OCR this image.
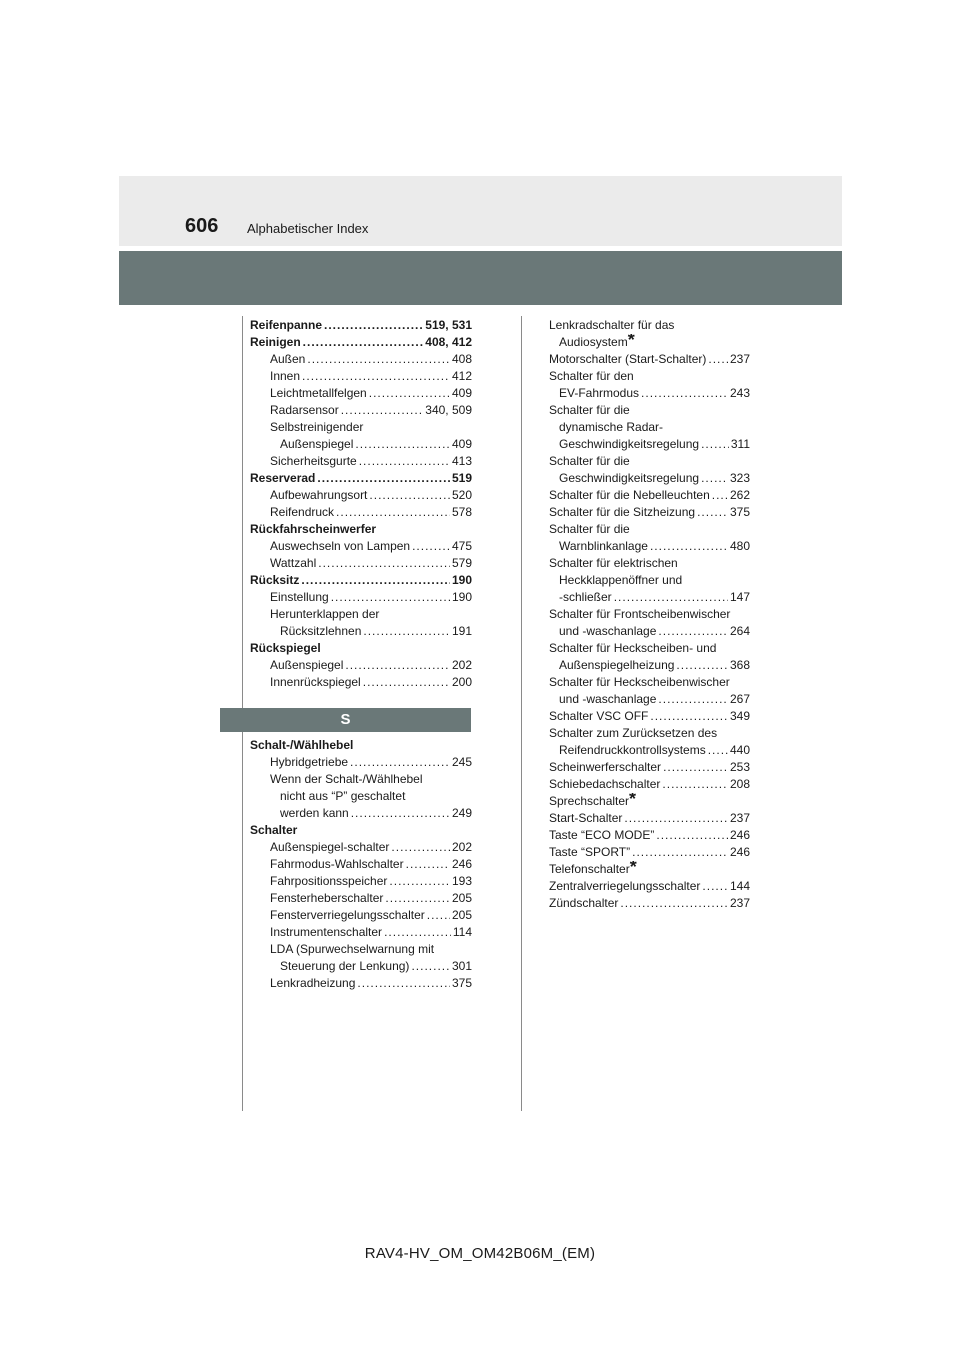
606 Alphabetischer Index
Reifenpanne .....	519, 531
Reinigen .....	408, 412
Außen .....	408
Innen .....	412
Leichtmetallfelgen .....	409
Radarsensor .....	340, 509
Selbstreinigender
Außenspiegel .....	409
Sicherheitsgurte .....	413
Reserverad .....	519
Aufbewahrungsort .....	520
Reifendruck .....	578
Rückfahrscheinwerfer
Auswechseln von Lampen .....	475
Wattzahl .....	579
Rücksitz .....	190
Einstellung .....	190
Herunterklappen der
Rücksitzlehnen .....	191
Rückspiegel
Außenspiegel .....	202
Innenrückspiegel .....	200
S
Schalt-/Wählhebel
Hybridgetriebe .....	245
Wenn der Schalt-/Wählhebel
nicht aus “P” geschaltet
werden kann .....	249
Schalter
Außenspiegel-schalter .....	202
Fahrmodus-Wahlschalter .....	246
Fahrpositionsspeicher .....	193
Fensterheberschalter .....	205
Fensterverriegelungsschalter ..... 205
Instrumentenschalter .....	114
LDA (Spurwechselwarnung mit
Steuerung der Lenkung) .....	301
Lenkradheizung .....	375
Lenkradschalter für das
Audiosystem *
Motorschalter (Start-Schalter) ..... 237
Schalter für den
EV-Fahrmodus .....	243
Schalter für die
dynamische Radar-
Geschwindigkeitsregelung .....	311
Schalter für die
Geschwindigkeitsregelung .....	323
Schalter für die Nebelleuchten ..... 262
Schalter für die Sitzheizung .....	375
Schalter für die
Warnblinkanlage .....	480
Schalter für elektrischen
Heckklappenöffner und
-schließer .....	147
Schalter für Frontscheibenwischer
und -waschanlage .....	264
Schalter für Heckscheiben- und
Außenspiegelheizung .....	368
Schalter für Heckscheibenwischer
und -waschanlage .....	267
Schalter VSC OFF .....	349
Schalter zum Zurücksetzen des
Reifendruckkontrollsystems ..... 440
Scheinwerferschalter .....	253
Schiebedachschalter .....	208
Sprechschalter *
Start-Schalter .....	237
Taste “ECO MODE” .....	246
Taste “SPORT” .....	246
Telefonschalter *
Zentralverriegelungsschalter ..... 144
Zündschalter .....	237
RAV4-HV_OM_OM42B06M_(EM)
